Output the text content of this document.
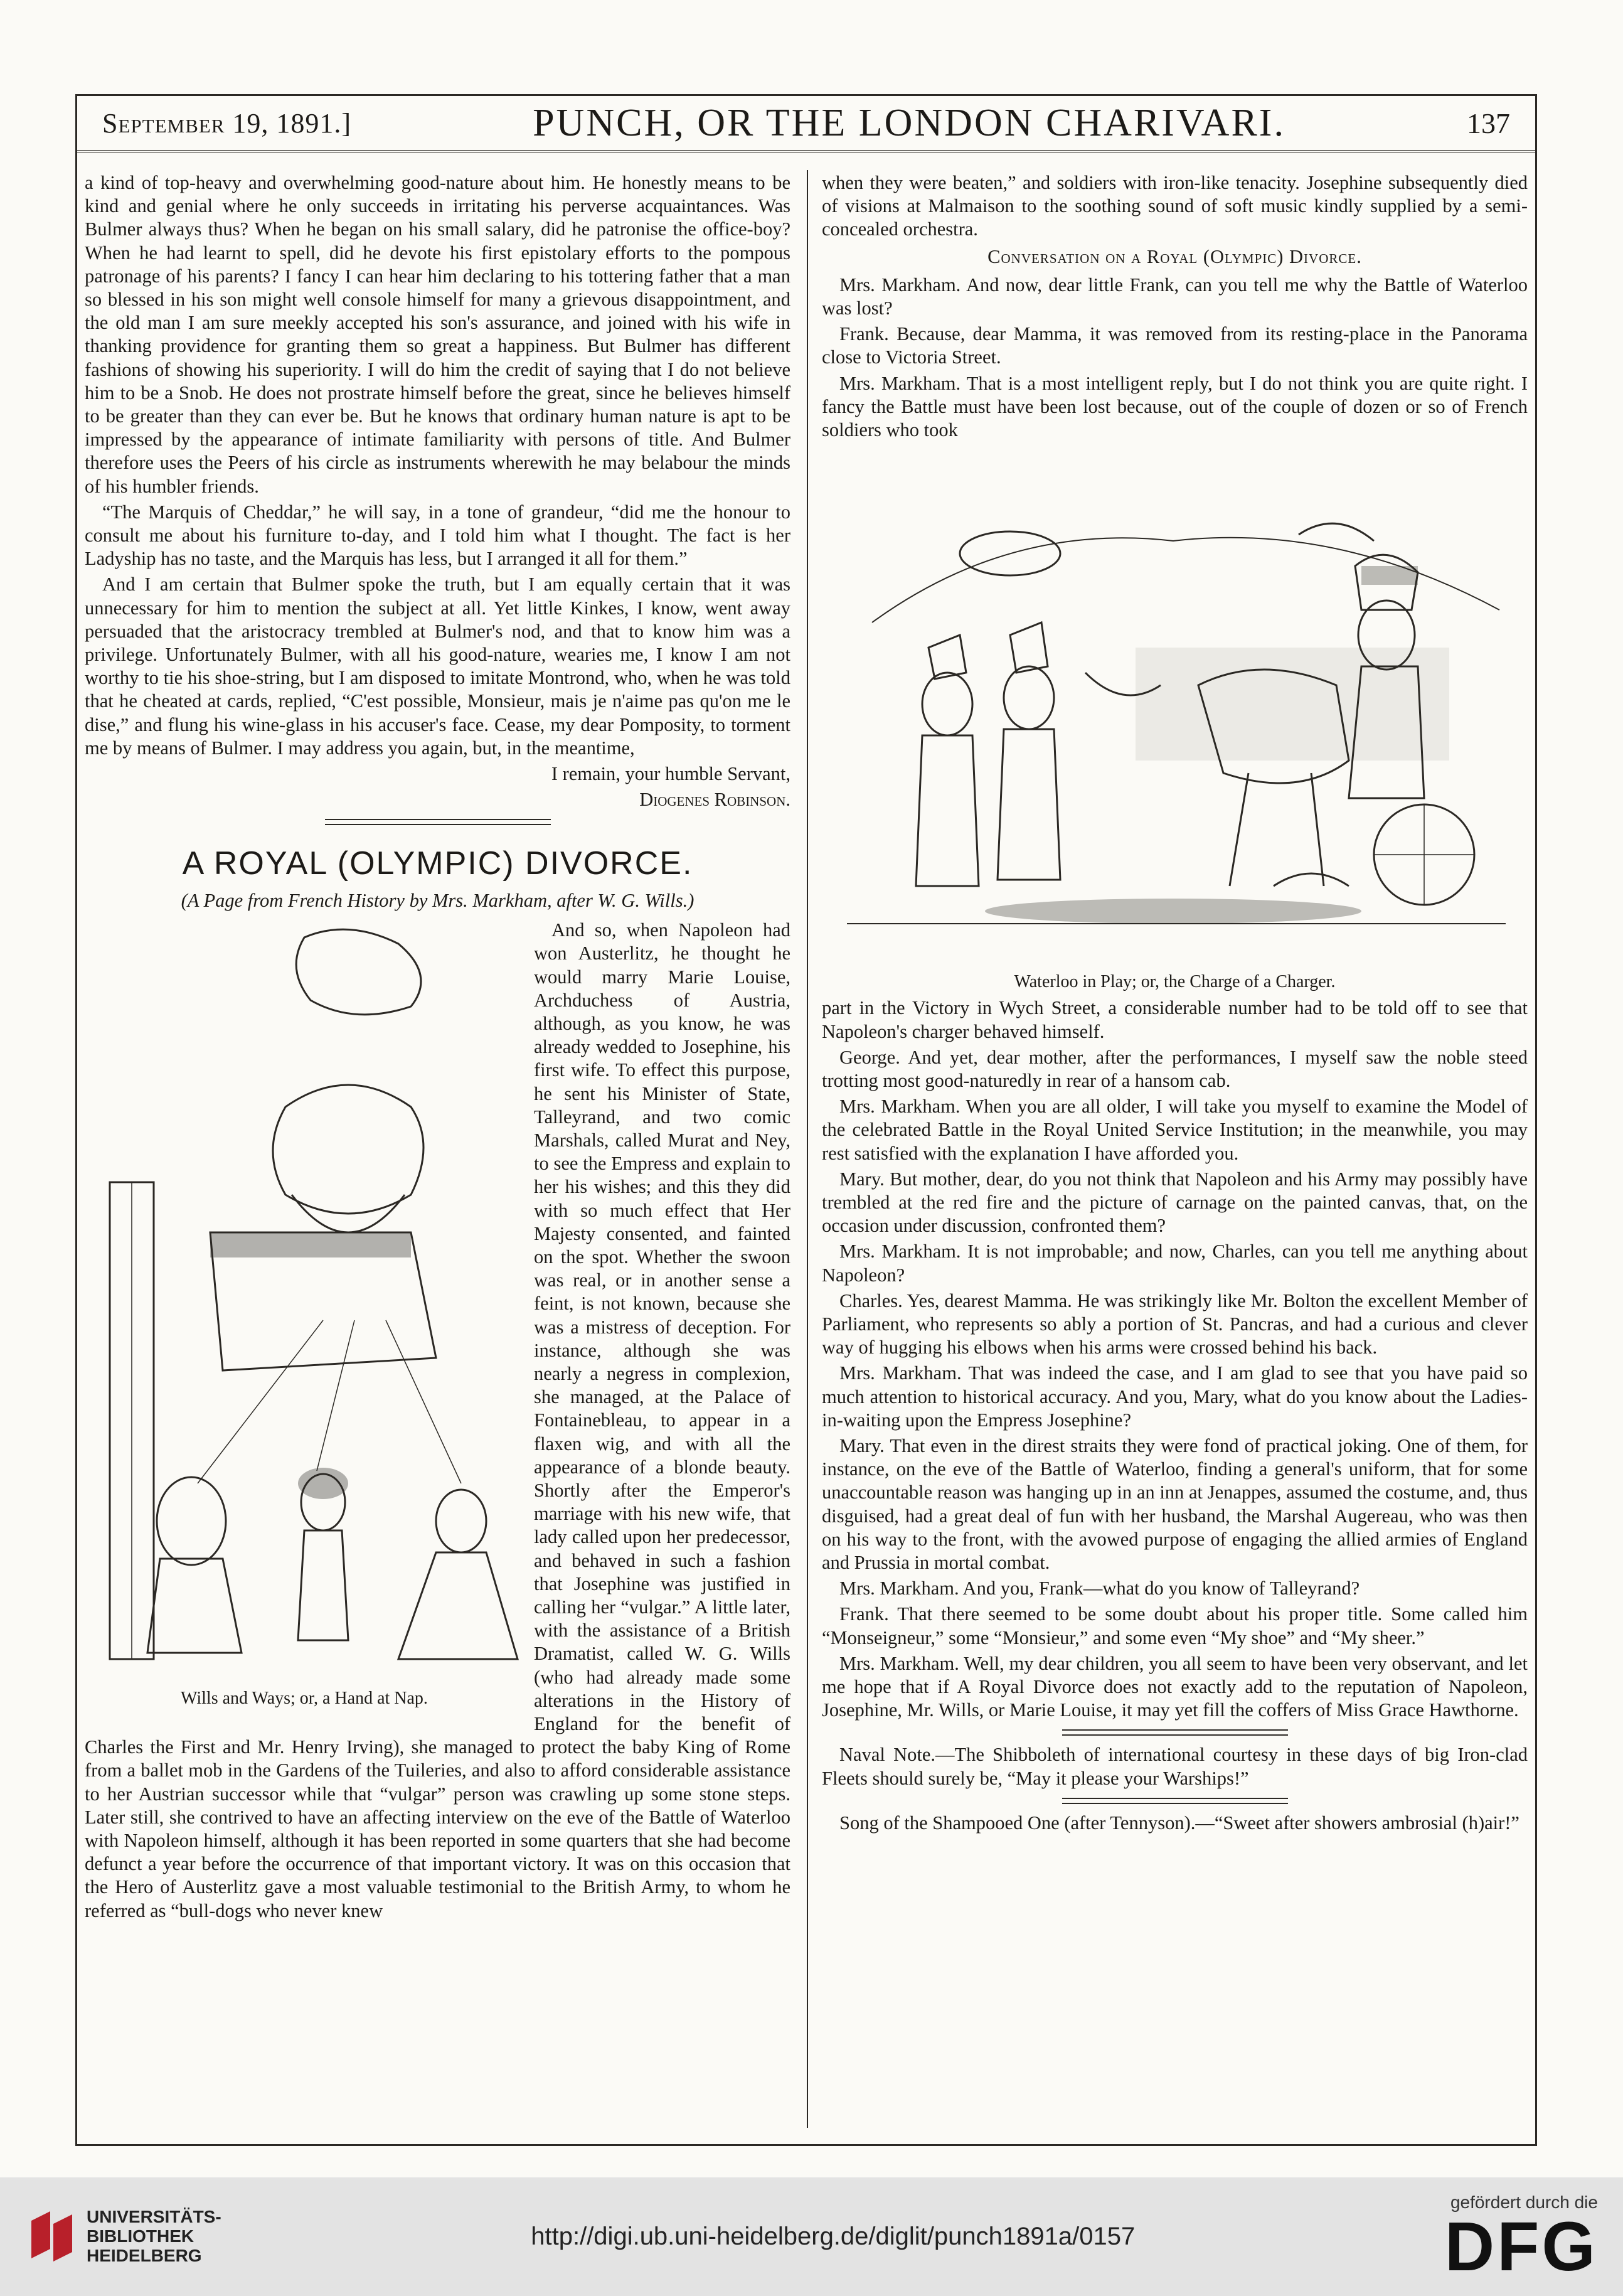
September 19, 1891.]	PUNCH, OR THE LONDON CHARIVARI.	137

a kind of top-heavy and overwhelming good-nature about him. He honestly means to be kind and genial where he only succeeds in irritating his perverse acquaintances. Was Bulmer always thus? When he began on his small salary, did he patronise the office-boy? When he had learnt to spell, did he devote his first epistolary efforts to the pompous patronage of his parents? I fancy I can hear him declaring to his tottering father that a man so blessed in his son might well console himself for many a grievous disappointment, and the old man I am sure meekly accepted his son's assurance, and joined with his wife in thanking providence for granting them so great a happiness. But Bulmer has different fashions of showing his superiority. I will do him the credit of saying that I do not believe him to be a Snob. He does not prostrate himself before the great, since he believes himself to be greater than they can ever be. But he knows that ordinary human nature is apt to be impressed by the appearance of intimate familiarity with persons of title. And Bulmer therefore uses the Peers of his circle as instruments wherewith he may belabour the minds of his humbler friends.

“The Marquis of Cheddar,” he will say, in a tone of grandeur, “did me the honour to consult me about his furniture to-day, and I told him what I thought. The fact is her Ladyship has no taste, and the Marquis has less, but I arranged it all for them.”

And I am certain that Bulmer spoke the truth, but I am equally certain that it was unnecessary for him to mention the subject at all. Yet little Kinkes, I know, went away persuaded that the aristocracy trembled at Bulmer's nod, and that to know him was a privilege. Unfortunately Bulmer, with all his good-nature, wearies me, I know I am not worthy to tie his shoe-string, but I am disposed to imitate Montrond, who, when he was told that he cheated at cards, replied, “C'est possible, Monsieur, mais je n'aime pas qu'on me le dise,” and flung his wine-glass in his accuser's face. Cease, my dear Pomposity, to torment me by means of Bulmer. I may address you again, but, in the meantime,

I remain, your humble Servant,

Diogenes Robinson.

A ROYAL (OLYMPIC) DIVORCE.
(A Page from French History by Mrs. Markham, after W. G. Wills.)
Wills and Ways; or, a Hand at Nap.

And so, when Napoleon had won Austerlitz, he thought he would marry Marie Louise, Archduchess of Austria, although, as you know, he was already wedded to Josephine, his first wife. To effect this purpose, he sent his Minister of State, Talleyrand, and two comic Marshals, called Murat and Ney, to see the Empress and explain to her his wishes; and this they did with so much effect that Her Majesty consented, and fainted on the spot. Whether the swoon was real, or in another sense a feint, is not known, because she was a mistress of deception. For instance, although she was nearly a negress in complexion, she managed, at the Palace of Fontainebleau, to appear in a flaxen wig, and with all the appearance of a blonde beauty. Shortly after the Emperor's marriage with his new wife, that lady called upon her predecessor, and behaved in such a fashion that Josephine was justified in calling her “vulgar.” A little later, with the assistance of a British Dramatist, called W. G. Wills (who had already made some alterations in the History of England for the benefit of Charles the First and Mr. Henry Irving), she managed to protect the baby King of Rome from a ballet mob in the Gardens of the Tuileries, and also to afford considerable assistance to her Austrian successor while that “vulgar” person was crawling up some stone steps. Later still, she contrived to have an affecting interview on the eve of the Battle of Waterloo with Napoleon himself, although it has been reported in some quarters that she had become defunct a year before the occurrence of that important victory. It was on this occasion that the Hero of Austerlitz gave a most valuable testimonial to the British Army, to whom he referred as “bull-dogs who never knew

when they were beaten,” and soldiers with iron-like tenacity. Josephine subsequently died of visions at Malmaison to the soothing sound of soft music kindly supplied by a semi-concealed orchestra.

Conversation on a Royal (Olympic) Divorce.

Mrs. Markham. And now, dear little Frank, can you tell me why the Battle of Waterloo was lost?

Frank. Because, dear Mamma, it was removed from its resting-place in the Panorama close to Victoria Street.

Mrs. Markham. That is a most intelligent reply, but I do not think you are quite right. I fancy the Battle must have been lost because, out of the couple of dozen or so of French soldiers who took

Waterloo in Play; or, the Charge of a Charger.

part in the Victory in Wych Street, a considerable number had to be told off to see that Napoleon's charger behaved himself.

George. And yet, dear mother, after the performances, I myself saw the noble steed trotting most good-naturedly in rear of a hansom cab.

Mrs. Markham. When you are all older, I will take you myself to examine the Model of the celebrated Battle in the Royal United Service Institution; in the meanwhile, you may rest satisfied with the explanation I have afforded you.

Mary. But mother, dear, do you not think that Napoleon and his Army may possibly have trembled at the red fire and the picture of carnage on the painted canvas, that, on the occasion under discussion, confronted them?

Mrs. Markham. It is not improbable; and now, Charles, can you tell me anything about Napoleon?

Charles. Yes, dearest Mamma. He was strikingly like Mr. Bolton the excellent Member of Parliament, who represents so ably a portion of St. Pancras, and had a curious and clever way of hugging his elbows when his arms were crossed behind his back.

Mrs. Markham. That was indeed the case, and I am glad to see that you have paid so much attention to historical accuracy. And you, Mary, what do you know about the Ladies-in-waiting upon the Empress Josephine?

Mary. That even in the direst straits they were fond of practical joking. One of them, for instance, on the eve of the Battle of Waterloo, finding a general's uniform, that for some unaccountable reason was hanging up in an inn at Jenappes, assumed the costume, and, thus disguised, had a great deal of fun with her husband, the Marshal Augereau, who was then on his way to the front, with the avowed purpose of engaging the allied armies of England and Prussia in mortal combat.

Mrs. Markham. And you, Frank—what do you know of Talleyrand?

Frank. That there seemed to be some doubt about his proper title. Some called him “Monseigneur,” some “Monsieur,” and some even “My shoe” and “My sheer.”

Mrs. Markham. Well, my dear children, you all seem to have been very observant, and let me hope that if A Royal Divorce does not exactly add to the reputation of Napoleon, Josephine, Mr. Wills, or Marie Louise, it may yet fill the coffers of Miss Grace Hawthorne.

Naval Note.—The Shibboleth of international courtesy in these days of big Iron-clad Fleets should surely be, “May it please your Warships!”

Song of the Shampooed One (after Tennyson).—“Sweet after showers ambrosial (h)air!”

UNIVERSITÄTS-
BIBLIOTHEK
HEIDELBERG
http://digi.ub.uni-heidelberg.de/diglit/punch1891a/0157
gefördert durch die
DFG
